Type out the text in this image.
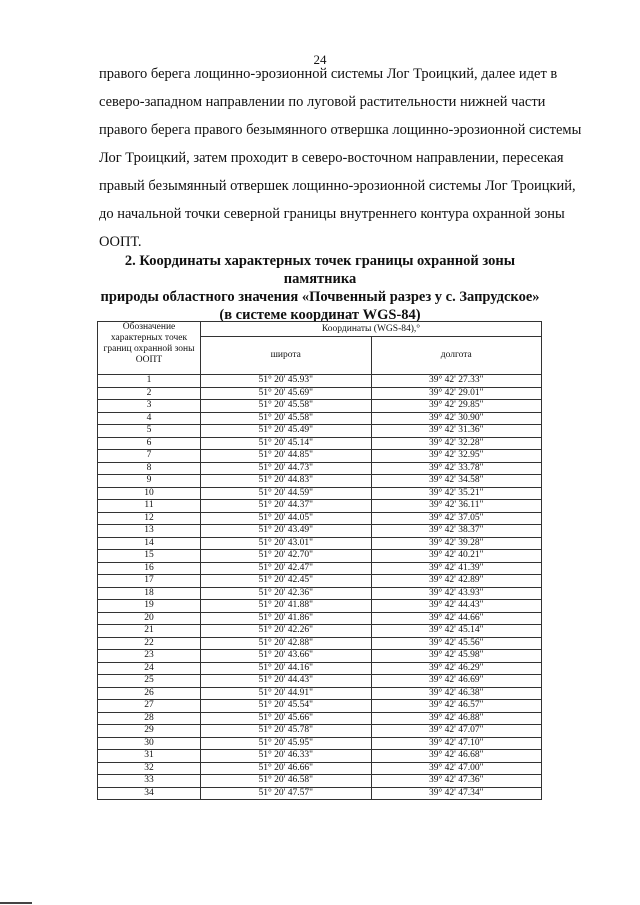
24
правого берега лощинно-эрозионной системы Лог Троицкий, далее идет в
северо-западном направлении по луговой растительности нижней части
правого берега правого безымянного отвершка лощинно-эрозионной системы
Лог Троицкий, затем проходит в северо-восточном направлении, пересекая
правый безымянный отвершек лощинно-эрозионной системы Лог Троицкий,
до начальной точки северной границы внутреннего контура охранной зоны
ООПТ.
2. Координаты характерных точек границы охранной зоны памятника
природы областного значения «Почвенный разрез у с. Запрудское»
(в системе координат WGS-84)
Обозначение характерных точек границ охранной зоны ООПТ	Координаты (WGS-84),°	
	широта	долгота
1	51° 20' 45.93"	39° 42' 27.33"
2	51° 20' 45.69"	39° 42' 29.01"
3	51° 20' 45.58"	39° 42' 29.85"
4	51° 20' 45.58"	39° 42' 30.90"
5	51° 20' 45.49"	39° 42' 31.36"
6	51° 20' 45.14"	39° 42' 32.28"
7	51° 20' 44.85"	39° 42' 32.95"
8	51° 20' 44.73"	39° 42' 33.78"
9	51° 20' 44.83"	39° 42' 34.58"
10	51° 20' 44.59"	39° 42' 35.21"
11	51° 20' 44.37"	39° 42' 36.11"
12	51° 20' 44.05"	39° 42' 37.05"
13	51° 20' 43.49"	39° 42' 38.37"
14	51° 20' 43.01"	39° 42' 39.28"
15	51° 20' 42.70"	39° 42' 40.21"
16	51° 20' 42.47"	39° 42' 41.39"
17	51° 20' 42.45"	39° 42' 42.89"
18	51° 20' 42.36"	39° 42' 43.93"
19	51° 20' 41.88"	39° 42' 44.43"
20	51° 20' 41.86"	39° 42' 44.66"
21	51° 20' 42.26"	39° 42' 45.14"
22	51° 20' 42.88"	39° 42' 45.56"
23	51° 20' 43.66"	39° 42' 45.98"
24	51° 20' 44.16"	39° 42' 46.29"
25	51° 20' 44.43"	39° 42' 46.69"
26	51° 20' 44.91"	39° 42' 46.38"
27	51° 20' 45.54"	39° 42' 46.57"
28	51° 20' 45.66"	39° 42' 46.88"
29	51° 20' 45.78"	39° 42' 47.07"
30	51° 20' 45.95"	39° 42' 47.10"
31	51° 20' 46.33"	39° 42' 46.68"
32	51° 20' 46.66"	39° 42' 47.00"
33	51° 20' 46.58"	39° 42' 47.36"
34	51° 20' 47.57"	39° 42' 47.34"
